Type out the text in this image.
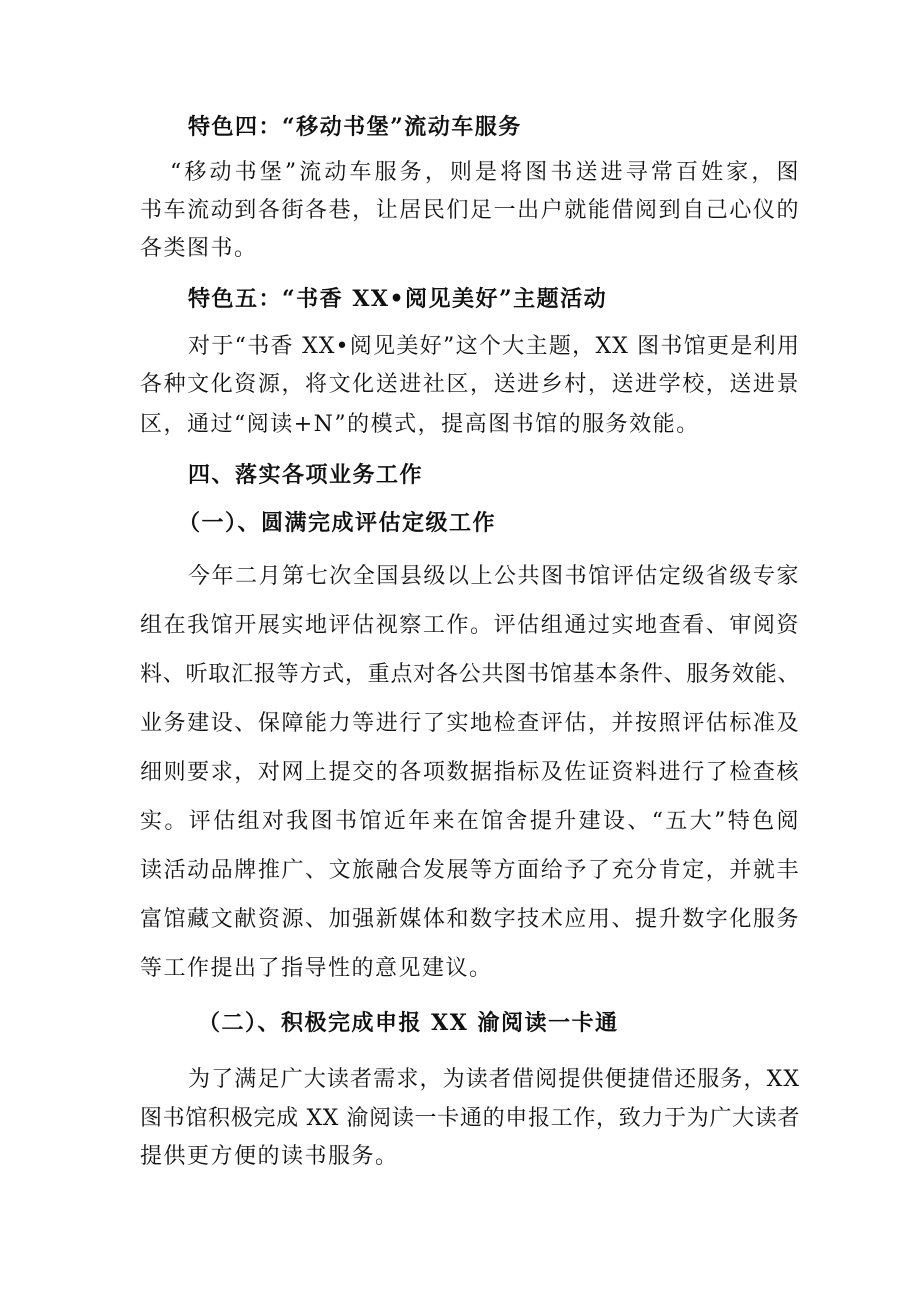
特色四：“移动书堡”流动车服务
“移动书堡”流动车服务，则是将图书送进寻常百姓家，图
书车流动到各街各巷，让居民们足一出户就能借阅到自己心仪的
各类图书。
特色五：“书香 XX•阅见美好”主题活动
对于“书香 XX•阅见美好”这个大主题，XX 图书馆更是利用
各种文化资源，将文化送进社区，送进乡村，送进学校，送进景
区，通过“阅读+N”的模式，提高图书馆的服务效能。
四、落实各项业务工作
（一）、圆满完成评估定级工作
今年二月第七次全国县级以上公共图书馆评估定级省级专家
组在我馆开展实地评估视察工作。评估组通过实地查看、审阅资
料、听取汇报等方式，重点对各公共图书馆基本条件、服务效能、
业务建设、保障能力等进行了实地检查评估，并按照评估标准及
细则要求，对网上提交的各项数据指标及佐证资料进行了检查核
实。评估组对我图书馆近年来在馆舍提升建设、“五大”特色阅
读活动品牌推广、文旅融合发展等方面给予了充分肯定，并就丰
富馆藏文献资源、加强新媒体和数字技术应用、提升数字化服务
等工作提出了指导性的意见建议。
（二）、积极完成申报 XX 渝阅读一卡通
为了满足广大读者需求，为读者借阅提供便捷借还服务，XX
图书馆积极完成 XX 渝阅读一卡通的申报工作，致力于为广大读者
提供更方便的读书服务。
